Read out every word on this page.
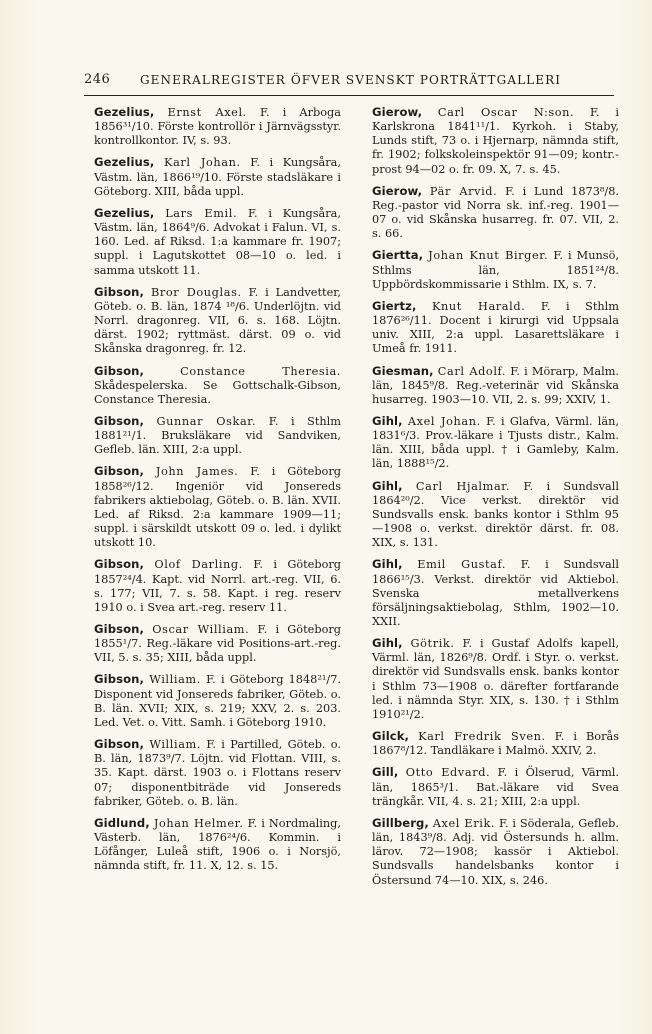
246 GENERALREGISTER ÖFVER SVENSKT PORTRÄTTGALLERI

Gezelius, Ernst Axel. F. i Arboga 1856³¹/10. Förste kontrollör i Järnvägsstyr. kontrollkontor. IV, s. 93.

Gezelius, Karl Johan. F. i Kungsåra, Västm. län, 1866¹⁹/10. Förste stadsläkare i Göteborg. XIII, båda uppl.

Gezelius, Lars Emil. F. i Kungsåra, Västm. län, 1864⁹/6. Advokat i Falun. VI, s. 160. Led. af Riksd. 1:a kammare fr. 1907; suppl. i Lagutskottet 08—10 o. led. i samma utskott 11.

Gibson, Bror Douglas. F. i Landvetter, Göteb. o. B. län, 1874 ¹⁸/6. Underlöjtn. vid Norrl. dragonreg. VII, 6. s. 168. Löjtn. därst. 1902; ryttmäst. därst. 09 o. vid Skånska dragonreg. fr. 12.

Gibson,	Constance Theresia. Skådespelerska. Se Gottschalk-Gibson, Constance Theresia.

Gibson, Gunnar Oskar. F. i Sthlm 1881²¹/1. Bruksläkare vid Sandviken, Gefleb. län. XIII, 2:a uppl.

Gibson, John James. F. i Göteborg 1858²⁶/12. Ingeniör vid Jonsereds fabrikers aktiebolag, Göteb. o. B. län. XVII. Led. af Riksd. 2:a kammare 1909—11; suppl. i särskildt utskott 09 o. led. i dylikt utskott 10.

Gibson, Olof Darling. F. i Göteborg 1857²⁴/4. Kapt. vid Norrl. art.-reg. VII, 6. s. 177; VII, 7. s. 58. Kapt. i reg. reserv 1910 o. i Svea art.-reg. reserv 11.

Gibson, Oscar William. F. i Göteborg 1855¹/7. Reg.-läkare vid Positions-art.-reg. VII, 5. s. 35; XIII, båda uppl.

Gibson, William. F. i Göteborg 1848²¹/7. Disponent vid Jonsereds fabriker, Göteb. o. B. län. XVII; XIX, s. 219; XXV, 2. s. 203. Led. Vet. o. Vitt. Samh. i Göteborg 1910.

Gibson, William. F. i Partilled, Göteb. o. B. län, 1873⁹/7. Löjtn. vid Flottan. VIII, s. 35. Kapt. därst. 1903 o. i Flottans reserv 07; disponentbiträde vid Jonsereds fabriker, Göteb. o. B. län.

Gidlund, Johan Helmer. F. i Nordmaling, Västerb. län, 1876²⁴/6. Kommin. i Löfånger, Luleå stift, 1906 o. i Norsjö, nämnda stift, fr. 11. X, 12. s. 15.

Gierow, Carl Oscar N:son. F. i Karlskrona 1841¹¹/1. Kyrkoh. i Staby, Lunds stift, 73 o. i Hjernarp, nämnda stift, fr. 1902; folkskoleinspektör 91—09; kontr.-prost 94—02 o. fr. 09. X, 7. s. 45.

Gierow, Pär Arvid. F. i Lund 1873⁸/8. Reg.-pastor vid Norra sk. inf.-reg. 1901—07 o. vid Skånska husarreg. fr. 07. VII, 2. s. 66.

Giertta, Johan Knut Birger. F. i Munsö, Sthlms län, 1851²⁴/8. Uppbördskommissarie i Sthlm. IX, s. 7.

Giertz, Knut Harald. F. i Sthlm 1876²⁶/11. Docent i kirurgi vid Uppsala univ. XIII, 2:a uppl. Lasarettsläkare i Umeå fr. 1911.

Giesman, Carl Adolf. F. i Mörarp, Malm. län, 1845⁹/8. Reg.-veterinär vid Skånska husarreg. 1903—10. VII, 2. s. 99; XXIV, 1.

Gihl, Axel Johan. F. i Glafva, Värml. län, 1831⁶/3. Prov.-läkare i Tjusts distr., Kalm. län. XIII, båda uppl. † i Gamleby, Kalm. län, 1888¹⁵/2.

Gihl, Carl Hjalmar. F. i Sundsvall 1864²⁰/2. Vice verkst. direktör vid Sundsvalls ensk. banks kontor i Sthlm 95—1908 o. verkst. direktör därst. fr. 08. XIX, s. 131.

Gihl, Emil Gustaf. F. i Sundsvall 1866¹⁵/3. Verkst. direktör vid Aktiebol. Svenska metallverkens försäljningsaktiebolag, Sthlm, 1902—10. XXII.

Gihl, Götrik. F. i Gustaf Adolfs kapell, Värml. län, 1826⁹/8. Ordf. i Styr. o. verkst. direktör vid Sundsvalls ensk. banks kontor i Sthlm 73—1908 o. därefter fortfarande led. i nämnda Styr. XIX, s. 130. † i Sthlm 1910²¹/2.

Gilck, Karl Fredrik Sven. F. i Borås 1867⁸/12. Tandläkare i Malmö. XXIV, 2.

Gill, Otto Edvard. F. i Ölserud, Värml. län, 1865³/1. Bat.-läkare vid Svea trängkår. VII, 4. s. 21; XIII, 2:a uppl.

Gillberg, Axel Erik. F. i Söderala, Gefleb. län, 1843⁹/8. Adj. vid Östersunds h. allm. lärov. 72—1908; kassör i Aktiebol. Sundsvalls handelsbanks kontor i Östersund 74—10. XIX, s. 246.
